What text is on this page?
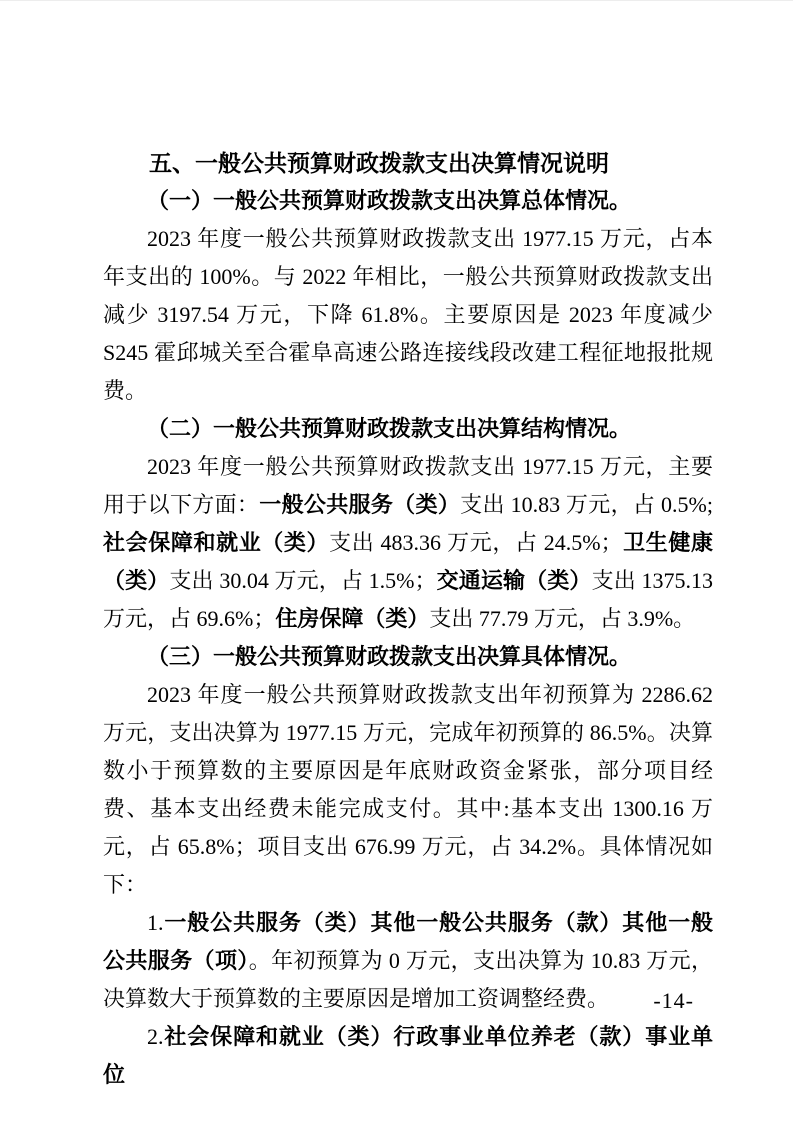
五、一般公共预算财政拨款支出决算情况说明

（一）一般公共预算财政拨款支出决算总体情况。

2023 年度一般公共预算财政拨款支出 1977.15 万元，占本年支出的 100%。与 2022 年相比，一般公共预算财政拨款支出减少 3197.54 万元，下降 61.8%。主要原因是 2023 年度减少 S245 霍邱城关至合霍阜高速公路连接线段改建工程征地报批规费。

（二）一般公共预算财政拨款支出决算结构情况。

2023 年度一般公共预算财政拨款支出 1977.15 万元，主要用于以下方面：一般公共服务（类）支出 10.83 万元，占 0.5%;社会保障和就业（类）支出 483.36 万元，占 24.5%；卫生健康（类）支出 30.04 万元，占 1.5%；交通运输（类）支出 1375.13 万元，占 69.6%；住房保障（类）支出 77.79 万元，占 3.9%。

（三）一般公共预算财政拨款支出决算具体情况。

2023 年度一般公共预算财政拨款支出年初预算为 2286.62 万元，支出决算为 1977.15 万元，完成年初预算的 86.5%。决算数小于预算数的主要原因是年底财政资金紧张，部分项目经费、基本支出经费未能完成支付。其中:基本支出 1300.16 万元，占 65.8%；项目支出 676.99 万元，占 34.2%。具体情况如下：

1.一般公共服务（类）其他一般公共服务（款）其他一般公共服务（项）。年初预算为 0 万元，支出决算为 10.83 万元，决算数大于预算数的主要原因是增加工资调整经费。

2.社会保障和就业（类）行政事业单位养老（款）事业单位

-14-
